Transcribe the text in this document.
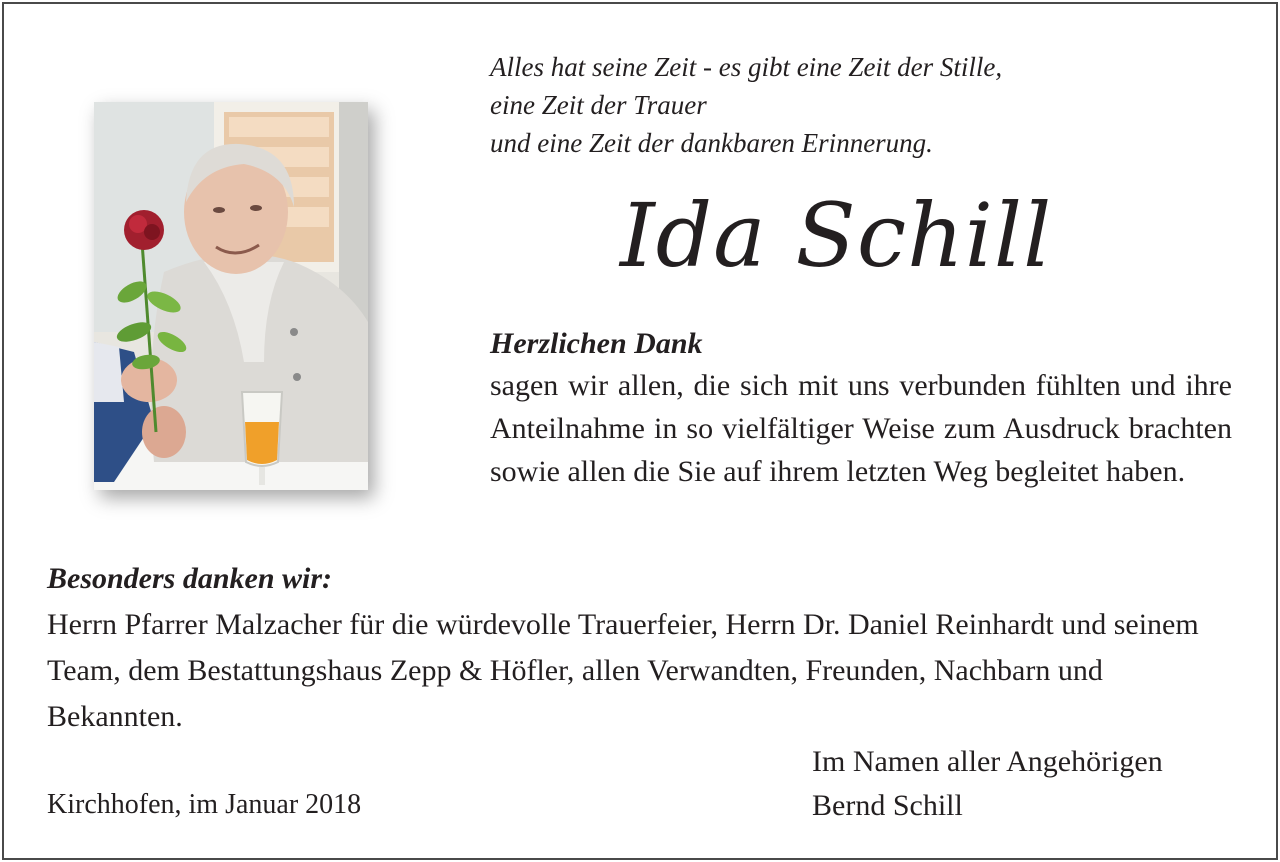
Alles hat seine Zeit - es gibt eine Zeit der Stille,
eine Zeit der Trauer
und eine Zeit der dankbaren Erinnerung.
Ida Schill
Herzlichen Dank
sagen wir allen, die sich mit uns verbunden fühlten und ihre Anteilnahme in so vielfältiger Weise zum Ausdruck brachten sowie allen die Sie auf ihrem letzten Weg begleitet haben.
Besonders danken wir:
Herrn Pfarrer Malzacher für die würdevolle Trauerfeier, Herrn Dr. Daniel Reinhardt und seinem Team, dem Bestattungshaus Zepp & Höfler, allen Verwandten, Freunden, Nachbarn und Bekannten.
Kirchhofen, im Januar 2018
Im Namen aller Angehörigen
Bernd Schill
